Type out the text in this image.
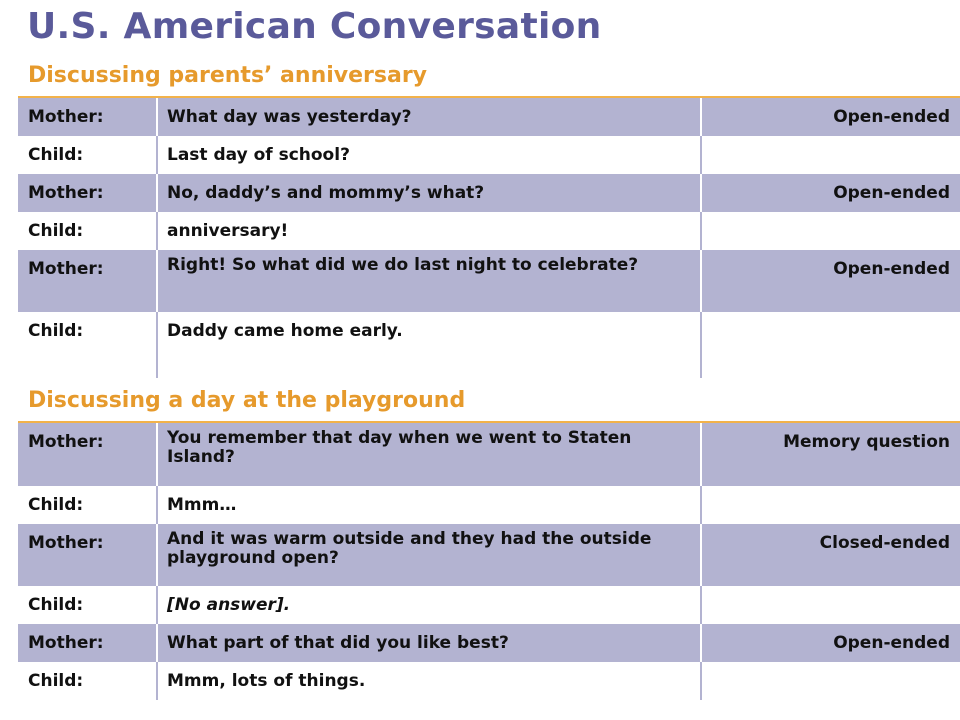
U.S. American Conversation
Discussing parents’ anniversary
Mother:	What day was yesterday?	Open-ended
Child:	Last day of school?	
Mother:	No, daddy’s and mommy’s what?	Open-ended
Child:	anniversary!	
Mother:	Right! So what did we do last night to celebrate?	Open-ended
Child:	Daddy came home early.	
Discussing a day at the playground
Mother:	You remember that day when we went to Staten Island?	Memory question
Child:	Mmm…	
Mother:	And it was warm outside and they had the outside playground open?	Closed-ended
Child:	[No answer].	
Mother:	What part of that did you like best?	Open-ended
Child:	Mmm, lots of things.	
